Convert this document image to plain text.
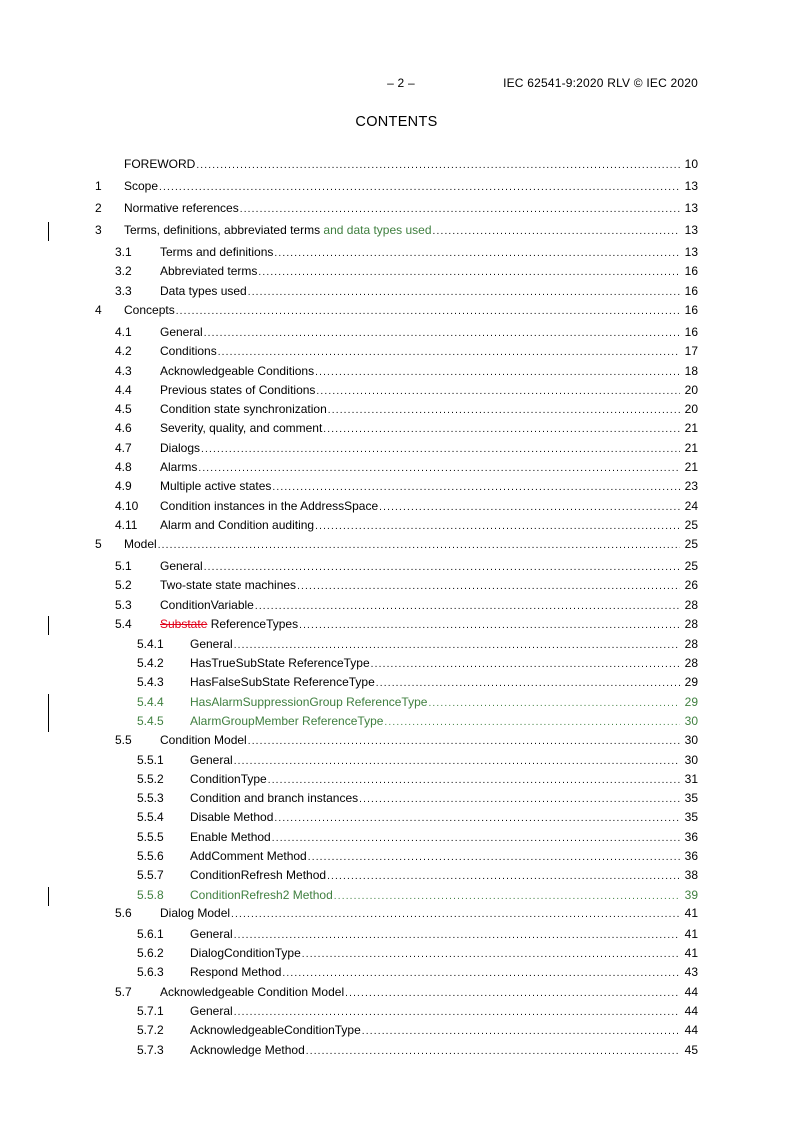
– 2 –	IEC 62541-9:2020 RLV © IEC 2020
CONTENTS
FOREWORD .....	10
1	Scope .....	13
2	Normative references .....	13
3	Terms, definitions, abbreviated terms and data types used .....	13
3.1	Terms and definitions .....	13
3.2	Abbreviated terms .....	16
3.3	Data types used .....	16
4	Concepts .....	16
4.1	General .....	16
4.2	Conditions .....	17
4.3	Acknowledgeable Conditions .....	18
4.4	Previous states of Conditions .....	20
4.5	Condition state synchronization .....	20
4.6	Severity, quality, and comment .....	21
4.7	Dialogs .....	21
4.8	Alarms .....	21
4.9	Multiple active states .....	23
4.10	Condition instances in the AddressSpace .....	24
4.11	Alarm and Condition auditing .....	25
5	Model .....	25
5.1	General .....	25
5.2	Two-state state machines .....	26
5.3	ConditionVariable .....	28
5.4	Substate ReferenceTypes .....	28
5.4.1	General .....	28
5.4.2	HasTrueSubState ReferenceType .....	28
5.4.3	HasFalseSubState ReferenceType .....	29
5.4.4	HasAlarmSuppressionGroup ReferenceType .....	29
5.4.5	AlarmGroupMember ReferenceType .....	30
5.5	Condition Model .....	30
5.5.1	General .....	30
5.5.2	ConditionType .....	31
5.5.3	Condition and branch instances .....	35
5.5.4	Disable Method .....	35
5.5.5	Enable Method .....	36
5.5.6	AddComment Method .....	36
5.5.7	ConditionRefresh Method .....	38
5.5.8	ConditionRefresh2 Method .....	39
5.6	Dialog Model .....	41
5.6.1	General .....	41
5.6.2	DialogConditionType .....	41
5.6.3	Respond Method .....	43
5.7	Acknowledgeable Condition Model .....	44
5.7.1	General .....	44
5.7.2	AcknowledgeableConditionType .....	44
5.7.3	Acknowledge Method .....	45
